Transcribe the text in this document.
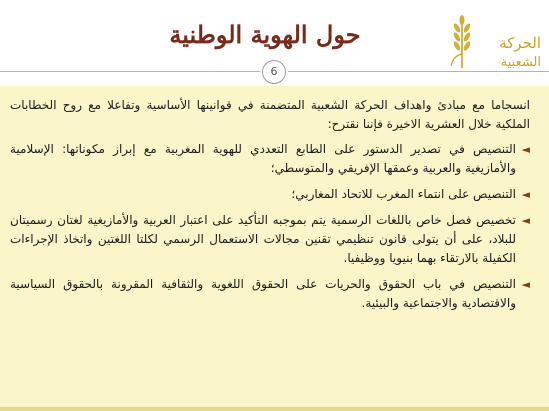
حول الهوية الوطنية	الحركة
الشعبية
6

انسجاما مع مبادئ واهداف الحركة الشعبية المتضمنة في قوانينها الأساسية وتفاعلا مع روح الخطابات الملكية خلال العشرية الاخيرة فإننا نقترح:

◄
التنصيص في تصدير الدستور على الطابع التعددي للهوية المغربية مع إبراز مكوناتها: الإسلامية والأمازيغية والعربية وعمقها الإفريقي والمتوسطي؛
◄
التنصيص على انتماء المغرب للاتحاد المغاربي؛
◄
تخصيص فصل خاص باللغات الرسمية يتم بموجبه التأكيد على اعتبار العربية والأمازيغية لغتان رسميتان للبلاد، على أن يتولى قانون تنظيمي تقنين مجالات الاستعمال الرسمي لكلتا اللغتين واتخاذ الإجراءات الكفيلة بالارتقاء بهما بنيويا ووظيفيا.
◄
التنصيص في باب الحقوق والحريات على الحقوق اللغوية والثقافية المقرونة بالحقوق السياسية والاقتصادية والاجتماعية والبيئية.
